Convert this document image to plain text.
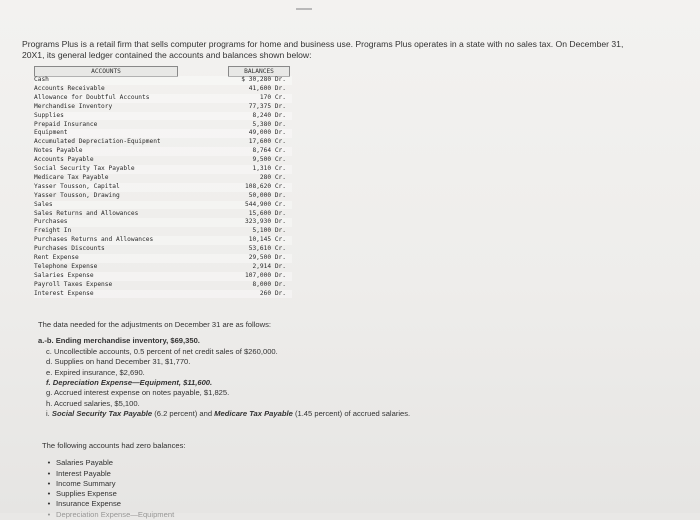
Programs Plus is a retail firm that sells computer programs for home and business use. Programs Plus operates in a state with no sales tax. On December 31, 20X1, its general ledger contained the accounts and balances shown below:
ACCOUNTS	BALANCES
Cash	$ 30,280 Dr.
Accounts Receivable	41,600 Dr.
Allowance for Doubtful Accounts	170 Cr.
Merchandise Inventory	77,375 Dr.
Supplies	8,240 Dr.
Prepaid Insurance	5,380 Dr.
Equipment	49,000 Dr.
Accumulated Depreciation-Equipment	17,600 Cr.
Notes Payable	8,764 Cr.
Accounts Payable	9,500 Cr.
Social Security Tax Payable	1,310 Cr.
Medicare Tax Payable	280 Cr.
Yasser Tousson, Capital	108,620 Cr.
Yasser Tousson, Drawing	50,000 Dr.
Sales	544,900 Cr.
Sales Returns and Allowances	15,600 Dr.
Purchases	323,930 Dr.
Freight In	5,100 Dr.
Purchases Returns and Allowances	10,145 Cr.
Purchases Discounts	53,610 Cr.
Rent Expense	29,500 Dr.
Telephone Expense	2,914 Dr.
Salaries Expense	107,000 Dr.
Payroll Taxes Expense	8,000 Dr.
Interest Expense	260 Dr.
The data needed for the adjustments on December 31 are as follows:
a.-b. Ending merchandise inventory, $69,350.
c. Uncollectible accounts, 0.5 percent of net credit sales of $260,000.
d. Supplies on hand December 31, $1,770.
e. Expired insurance, $2,690.
f. Depreciation Expense—Equipment, $11,600.
g. Accrued interest expense on notes payable, $1,825.
h. Accrued salaries, $5,100.
i. Social Security Tax Payable (6.2 percent) and Medicare Tax Payable (1.45 percent) of accrued salaries.
The following accounts had zero balances:
• Salaries Payable
• Interest Payable
• Income Summary
• Supplies Expense
• Insurance Expense
• Depreciation Expense—Equipment
